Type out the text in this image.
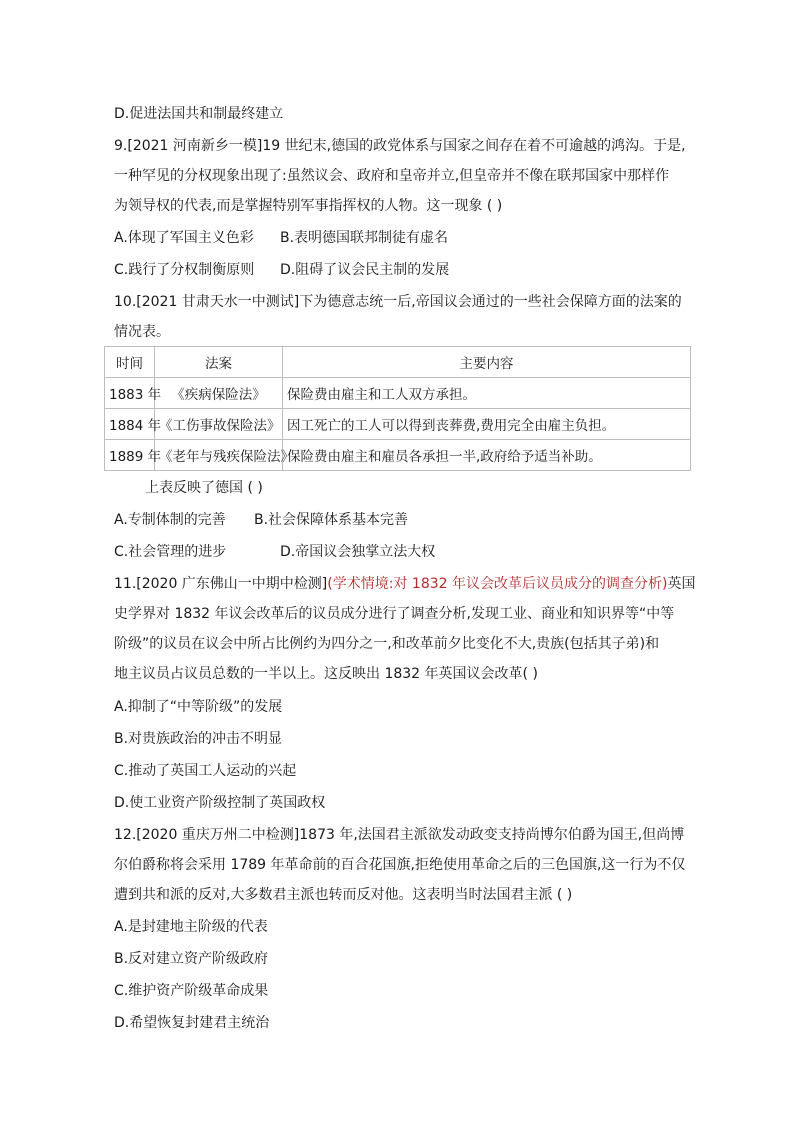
D.促进法国共和制最终建立
9.[2021 河南新乡一模]19 世纪末,德国的政党体系与国家之间存在着不可逾越的鸿沟。于是,
一种罕见的分权现象出现了:虽然议会、政府和皇帝并立,但皇帝并不像在联邦国家中那样作
为领导权的代表,而是掌握特别军事指挥权的人物。这一现象 ( )
A.体现了军国主义色彩 B.表明德国联邦制徒有虚名
C.践行了分权制衡原则 D.阻碍了议会民主制的发展
10.[2021 甘肃天水一中测试]下为德意志统一后,帝国议会通过的一些社会保障方面的法案的
情况表。
时间	法案	主要内容
1883 年	《疾病保险法》	保险费由雇主和工人双方承担。
1884 年	《工伤事故保险法》	因工死亡的工人可以得到丧葬费,费用完全由雇主负担。
1889 年	《老年与残疾保险法》	保险费由雇主和雇员各承担一半,政府给予适当补助。
上表反映了德国 ( )
A.专制体制的完善 B.社会保障体系基本完善
C.社会管理的进步	D.帝国议会独掌立法大权
11.[2020 广东佛山一中期中检测](学术情境:对 1832 年议会改革后议员成分的调查分析)英国
史学界对 1832 年议会改革后的议员成分进行了调查分析,发现工业、商业和知识界等“中等
阶级”的议员在议会中所占比例约为四分之一,和改革前夕比变化不大,贵族(包括其子弟)和
地主议员占议员总数的一半以上。这反映出 1832 年英国议会改革( )
A.抑制了“中等阶级”的发展
B.对贵族政治的冲击不明显
C.推动了英国工人运动的兴起
D.使工业资产阶级控制了英国政权
12.[2020 重庆万州二中检测]1873 年,法国君主派欲发动政变支持尚博尔伯爵为国王,但尚博
尔伯爵称将会采用 1789 年革命前的百合花国旗,拒绝使用革命之后的三色国旗,这一行为不仅
遭到共和派的反对,大多数君主派也转而反对他。这表明当时法国君主派 ( )
A.是封建地主阶级的代表
B.反对建立资产阶级政府
C.维护资产阶级革命成果
D.希望恢复封建君主统治
